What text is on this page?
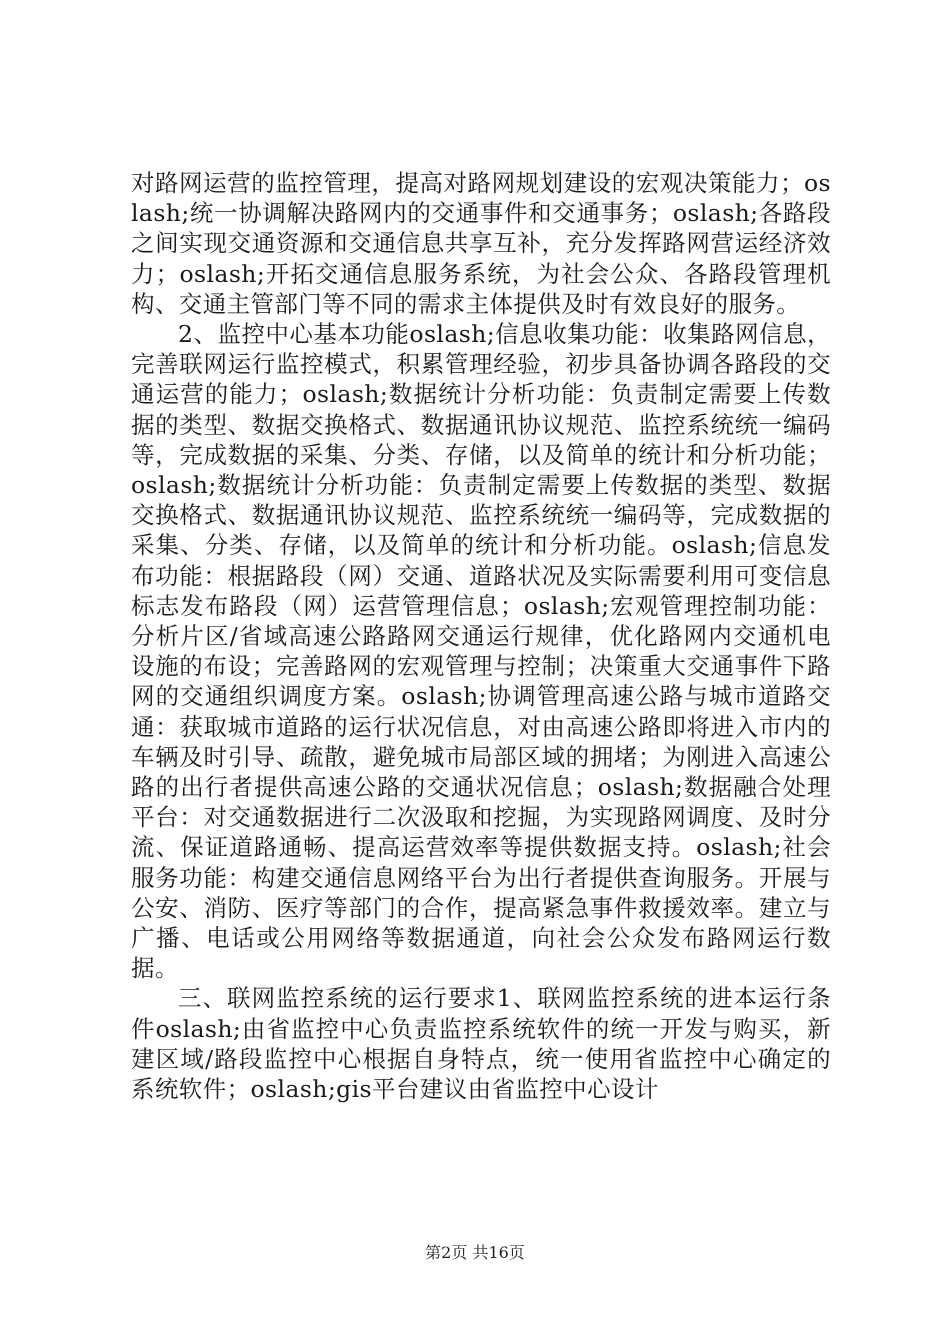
对路网运营的监控管理，提高对路网规划建设的宏观决策能力；oslash;统一协调解决路网内的交通事件和交通事务；oslash;各路段之间实现交通资源和交通信息共享互补，充分发挥路网营运经济效力；oslash;开拓交通信息服务系统，为社会公众、各路段管理机构、交通主管部门等不同的需求主体提供及时有效良好的服务。

2、监控中心基本功能oslash;信息收集功能：收集路网信息，完善联网运行监控模式，积累管理经验，初步具备协调各路段的交通运营的能力；oslash;数据统计分析功能：负责制定需要上传数据的类型、数据交换格式、数据通讯协议规范、监控系统统一编码等，完成数据的采集、分类、存储，以及简单的统计和分析功能；oslash;数据统计分析功能：负责制定需要上传数据的类型、数据交换格式、数据通讯协议规范、监控系统统一编码等，完成数据的采集、分类、存储，以及简单的统计和分析功能。oslash;信息发布功能：根据路段（网）交通、道路状况及实际需要利用可变信息标志发布路段（网）运营管理信息；oslash;宏观管理控制功能：分析片区/省域高速公路路网交通运行规律，优化路网内交通机电设施的布设；完善路网的宏观管理与控制；决策重大交通事件下路网的交通组织调度方案。oslash;协调管理高速公路与城市道路交通：获取城市道路的运行状况信息，对由高速公路即将进入市内的车辆及时引导、疏散，避免城市局部区域的拥堵；为刚进入高速公路的出行者提供高速公路的交通状况信息；oslash;数据融合处理平台：对交通数据进行二次汲取和挖掘，为实现路网调度、及时分流、保证道路通畅、提高运营效率等提供数据支持。oslash;社会服务功能：构建交通信息网络平台为出行者提供查询服务。开展与公安、消防、医疗等部门的合作，提高紧急事件救援效率。建立与广播、电话或公用网络等数据通道，向社会公众发布路网运行数据。

三、联网监控系统的运行要求1、联网监控系统的进本运行条件oslash;由省监控中心负责监控系统软件的统一开发与购买，新建区域/路段监控中心根据自身特点，统一使用省监控中心确定的系统软件；oslash;gis平台建议由省监控中心设计

第2页 共16页
